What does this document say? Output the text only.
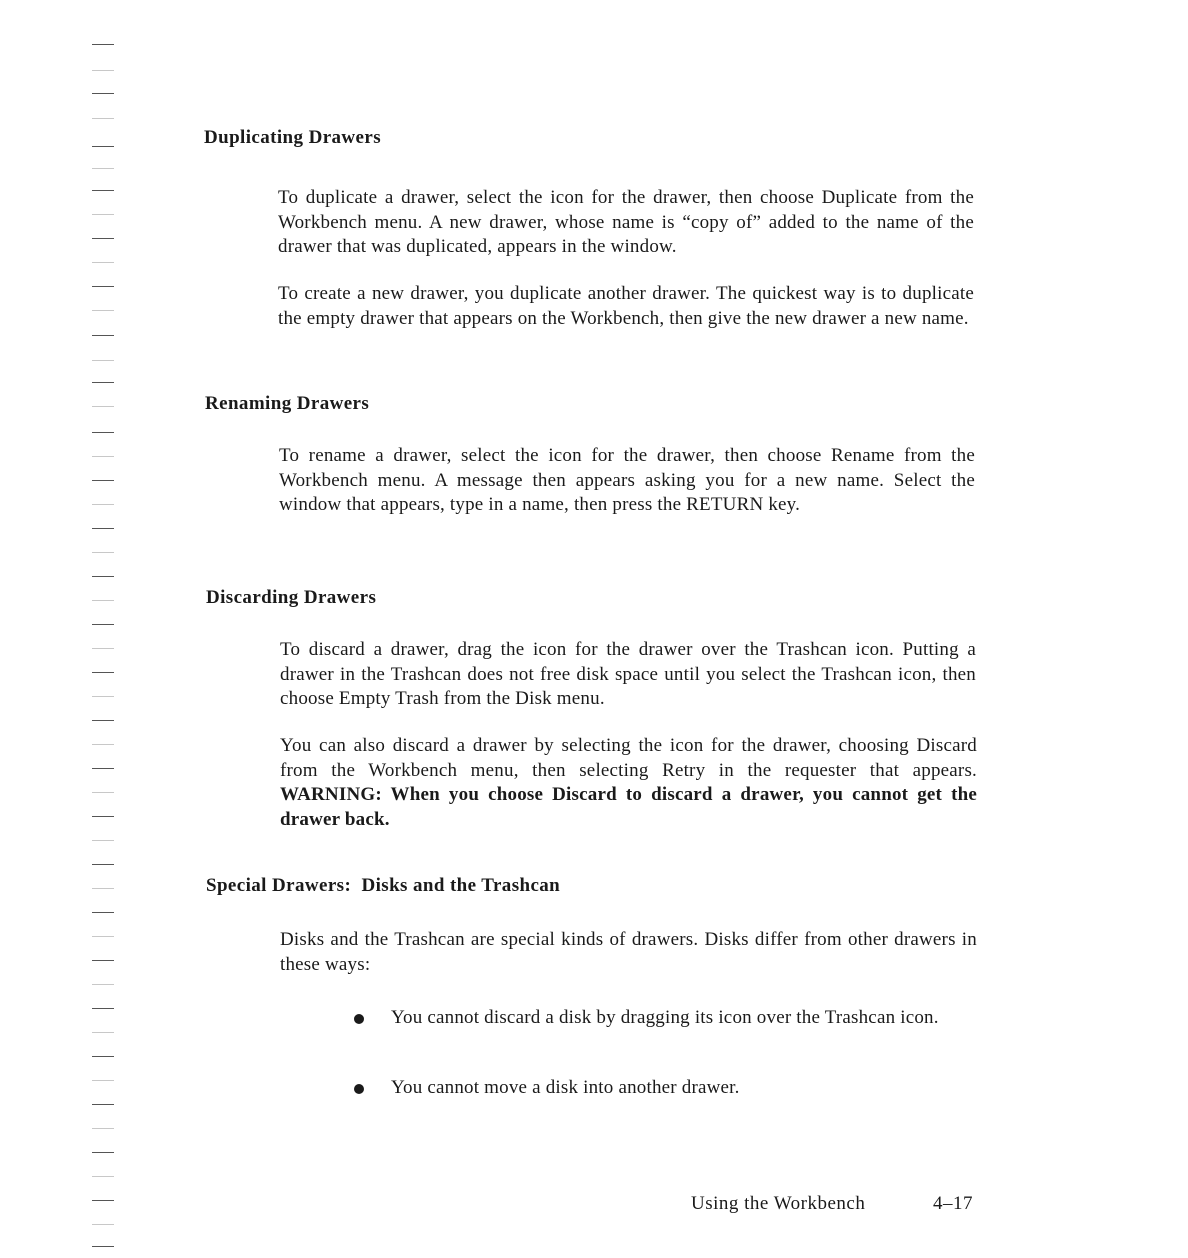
Duplicating Drawers

To duplicate a drawer, select the icon for the drawer, then choose Duplicate from the Workbench menu. A new drawer, whose name is “copy of” added to the name of the drawer that was duplicated, appears in the window.

To create a new drawer, you duplicate another drawer. The quickest way is to duplicate the empty drawer that appears on the Workbench, then give the new drawer a new name.

Renaming Drawers

To rename a drawer, select the icon for the drawer, then choose Rename from the Workbench menu. A message then appears asking you for a new name. Select the window that appears, type in a name, then press the RETURN key.

Discarding Drawers

To discard a drawer, drag the icon for the drawer over the Trashcan icon. Putting a drawer in the Trashcan does not free disk space until you select the Trashcan icon, then choose Empty Trash from the Disk menu.

You can also discard a drawer by selecting the icon for the drawer, choosing Discard from the Workbench menu, then selecting Retry in the requester that appears. WARNING: When you choose Discard to discard a drawer, you cannot get the drawer back.

Special Drawers:  Disks and the Trashcan

Disks and the Trashcan are special kinds of drawers. Disks differ from other drawers in these ways:

You cannot discard a disk by dragging its icon over the Trashcan icon.
You cannot move a disk into another drawer.

Using the Workbench	4–17
